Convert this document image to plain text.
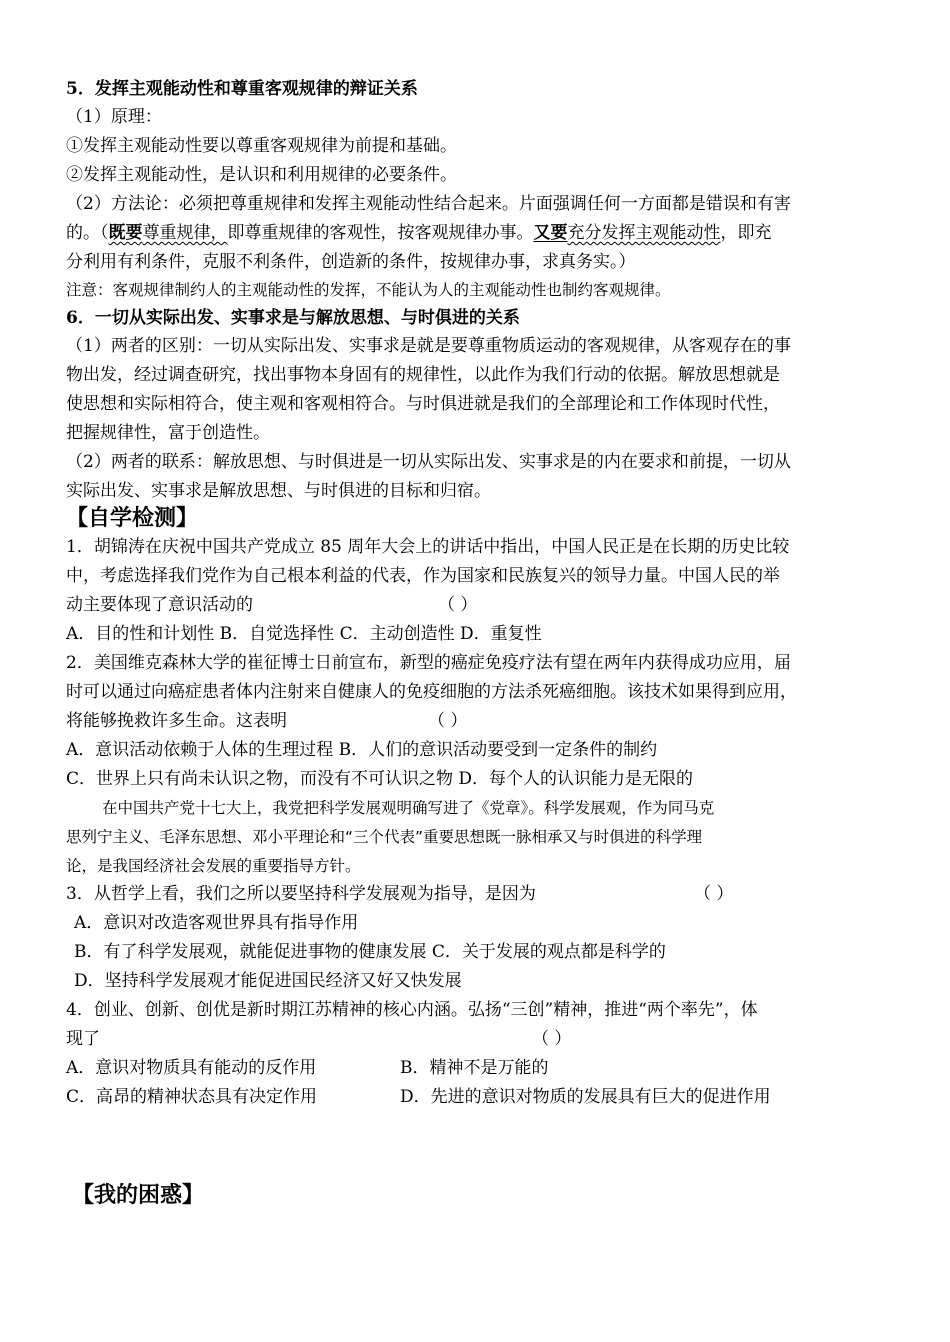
5．发挥主观能动性和尊重客观规律的辩证关系
（1）原理：
①发挥主观能动性要以尊重客观规律为前提和基础。
②发挥主观能动性，是认识和利用规律的必要条件。
（2）方法论：必须把尊重规律和发挥主观能动性结合起来。片面强调任何一方面都是错误和有害
的。（既要尊重规律，即尊重规律的客观性，按客观规律办事。又要充分发挥主观能动性，即充
分利用有利条件，克服不利条件，创造新的条件，按规律办事，求真务实。）
注意：客观规律制约人的主观能动性的发挥，不能认为人的主观能动性也制约客观规律。
6．一切从实际出发、实事求是与解放思想、与时俱进的关系
（1）两者的区别：一切从实际出发、实事求是就是要尊重物质运动的客观规律，从客观存在的事
物出发，经过调查研究，找出事物本身固有的规律性，以此作为我们行动的依据。解放思想就是
使思想和实际相符合，使主观和客观相符合。与时俱进就是我们的全部理论和工作体现时代性，
把握规律性，富于创造性。
（2）两者的联系：解放思想、与时俱进是一切从实际出发、实事求是的内在要求和前提，一切从
实际出发、实事求是解放思想、与时俱进的目标和归宿。
【自学检测】
1．胡锦涛在庆祝中国共产党成立 85 周年大会上的讲话中指出，中国人民正是在长期的历史比较
中，考虑选择我们党作为自己根本利益的代表，作为国家和民族复兴的领导力量。中国人民的举
动主要体现了意识活动的	（ ）
A．目的性和计划性 B．自觉选择性 C．主动创造性 D．重复性
2．美国维克森林大学的崔征博士日前宣布，新型的癌症免疫疗法有望在两年内获得成功应用，届
时可以通过向癌症患者体内注射来自健康人的免疫细胞的方法杀死癌细胞。该技术如果得到应用，
将能够挽救许多生命。这表明	（ ）
A．意识活动依赖于人体的生理过程 B．人们的意识活动要受到一定条件的制约
C．世界上只有尚未认识之物，而没有不可认识之物 D．每个人的认识能力是无限的
在中国共产党十七大上，我党把科学发展观明确写进了《党章》。科学发展观，作为同马克
思列宁主义、毛泽东思想、邓小平理论和“三个代表”重要思想既一脉相承又与时俱进的科学理
论，是我国经济社会发展的重要指导方针。
3．从哲学上看，我们之所以要坚持科学发展观为指导，是因为	（ ）
A．意识对改造客观世界具有指导作用
B．有了科学发展观，就能促进事物的健康发展 C．关于发展的观点都是科学的
D．坚持科学发展观才能促进国民经济又好又快发展
4．创业、创新、创优是新时期江苏精神的核心内涵。弘扬“三创”精神，推进“两个率先”，体
现了	（ ）
A．意识对物质具有能动的反作用	B．精神不是万能的
C．高昂的精神状态具有决定作用	D．先进的意识对物质的发展具有巨大的促进作用
【我的困惑】
